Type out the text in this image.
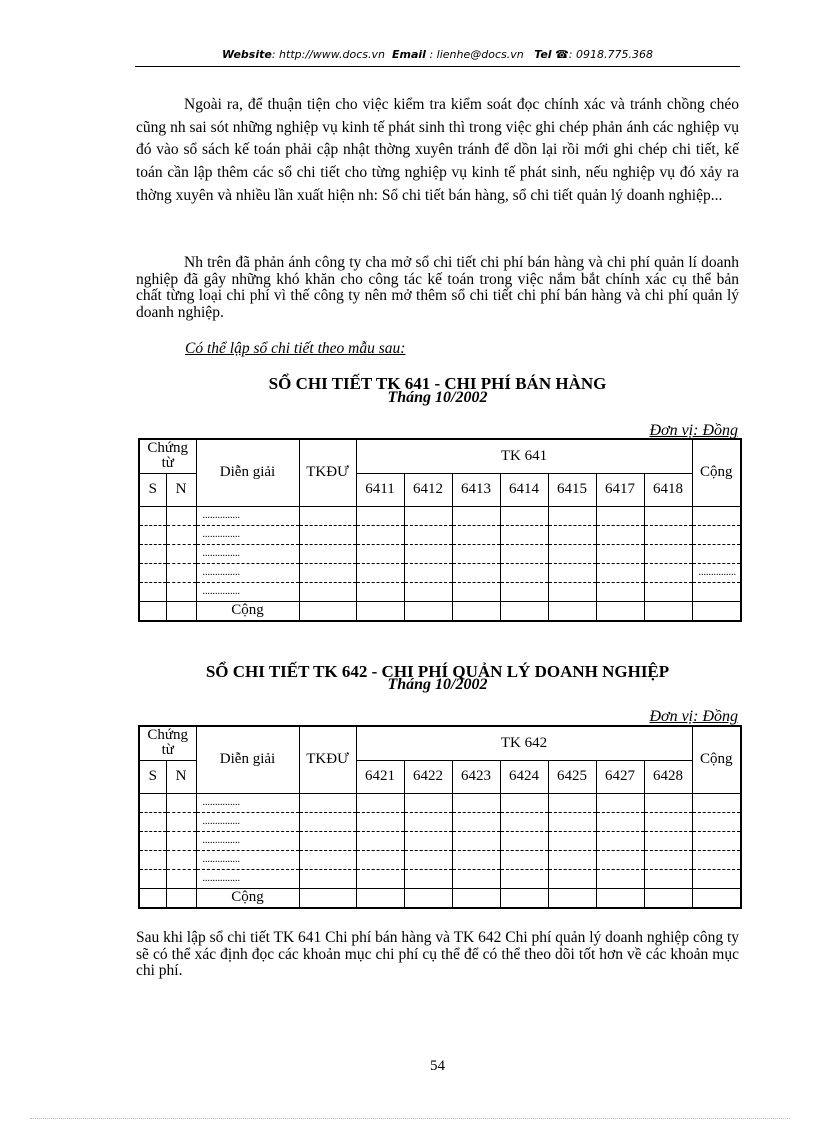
Website: http://www.docs.vn Email : lienhe@docs.vn Tel ☎: 0918.775.368

Ngoài ra, để thuận tiện cho việc kiểm tra kiểm soát đọc chính xác và tránh chồng chéo cũng nh sai sót những nghiệp vụ kinh tế phát sinh thì trong việc ghi chép phản ánh các nghiệp vụ đó vào sổ sách kế toán phải cập nhật thờng xuyên tránh để dồn lại rồi mới ghi chép chi tiết, kế toán cần lập thêm các sổ chi tiết cho từng nghiệp vụ kinh tế phát sinh, nếu nghiệp vụ đó xảy ra thờng xuyên và nhiều lần xuất hiện nh: Sổ chi tiết bán hàng, sổ chi tiết quản lý doanh nghiệp...

Nh trên đã phản ánh công ty cha mở sổ chi tiết chi phí bán hàng và chi phí quản lí doanh nghiệp đã gây những khó khăn cho công tác kế toán trong việc nắm bắt chính xác cụ thể bản chất từng loại chi phí vì thế công ty nên mở thêm sổ chi tiết chi phí bán hàng và chi phí quản lý doanh nghiệp.

Có thể lập sổ chi tiết theo mẫu sau:
SỔ CHI TIẾT TK 641 - CHI PHÍ BÁN HÀNG
Tháng 10/2002
Đơn vị: Đồng
Chứng từ		Diễn giải	TKĐƯ	TK 641							Cộng
S	N			6411	6412	6413	6414	6415	6417	6418	
		...............									
		...............									
		...............									
		...............									...............
		...............									
		Cộng									
SỔ CHI TIẾT TK 642 - CHI PHÍ QUẢN LÝ DOANH NGHIỆP
Tháng 10/2002
Đơn vị: Đồng
Chứng từ		Diễn giải	TKĐƯ	TK 642							Cộng
S	N			6421	6422	6423	6424	6425	6427	6428	
		...............									
		...............									
		...............									
		...............									
		...............									
		Cộng									

Sau khi lập sổ chi tiết TK 641 Chi phí bán hàng và TK 642 Chi phí quản lý doanh nghiệp công ty sẽ có thể xác định đọc các khoản mục chi phí cụ thể để có thể theo dõi tốt hơn về các khoản mục chi phí.

54
